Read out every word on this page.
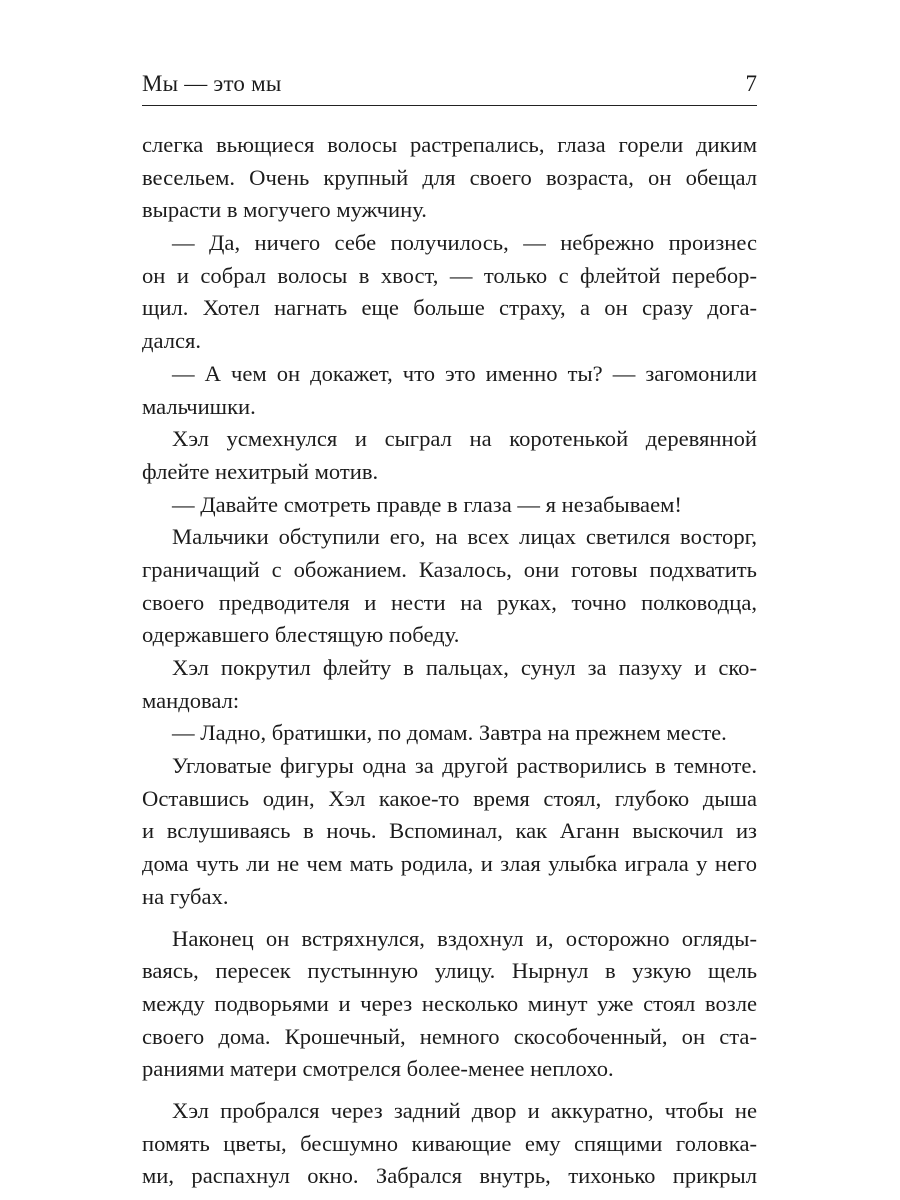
Мы — это мы	7
слегка вьющиеся волосы растрепались, глаза горели диким
весельем. Очень крупный для своего возраста, он обещал
вырасти в могучего мужчину.
— Да, ничего себе получилось, — небрежно произнес
он и собрал волосы в хвост, — только с флейтой перебор-
щил. Хотел нагнать еще больше страху, а он сразу дога-
дался.
— А чем он докажет, что это именно ты? — загомонили
мальчишки.
Хэл усмехнулся и сыграл на коротенькой деревянной
флейте нехитрый мотив.
— Давайте смотреть правде в глаза — я незабываем!
Мальчики обступили его, на всех лицах светился восторг,
граничащий с обожанием. Казалось, они готовы подхватить
своего предводителя и нести на руках, точно полководца,
одержавшего блестящую победу.
Хэл покрутил флейту в пальцах, сунул за пазуху и ско-
мандовал:
— Ладно, братишки, по домам. Завтра на прежнем месте.
Угловатые фигуры одна за другой растворились в темноте.
Оставшись один, Хэл какое-то время стоял, глубоко дыша
и вслушиваясь в ночь. Вспоминал, как Аганн выскочил из
дома чуть ли не чем мать родила, и злая улыбка играла у него
на губах.
Наконец он встряхнулся, вздохнул и, осторожно огляды-
ваясь, пересек пустынную улицу. Нырнул в узкую щель
между подворьями и через несколько минут уже стоял возле
своего дома. Крошечный, немного скособоченный, он ста-
раниями матери смотрелся более-менее неплохо.
Хэл пробрался через задний двор и аккуратно, чтобы не
помять цветы, бесшумно кивающие ему спящими головка-
ми, распахнул окно. Забрался внутрь, тихонько прикрыл
